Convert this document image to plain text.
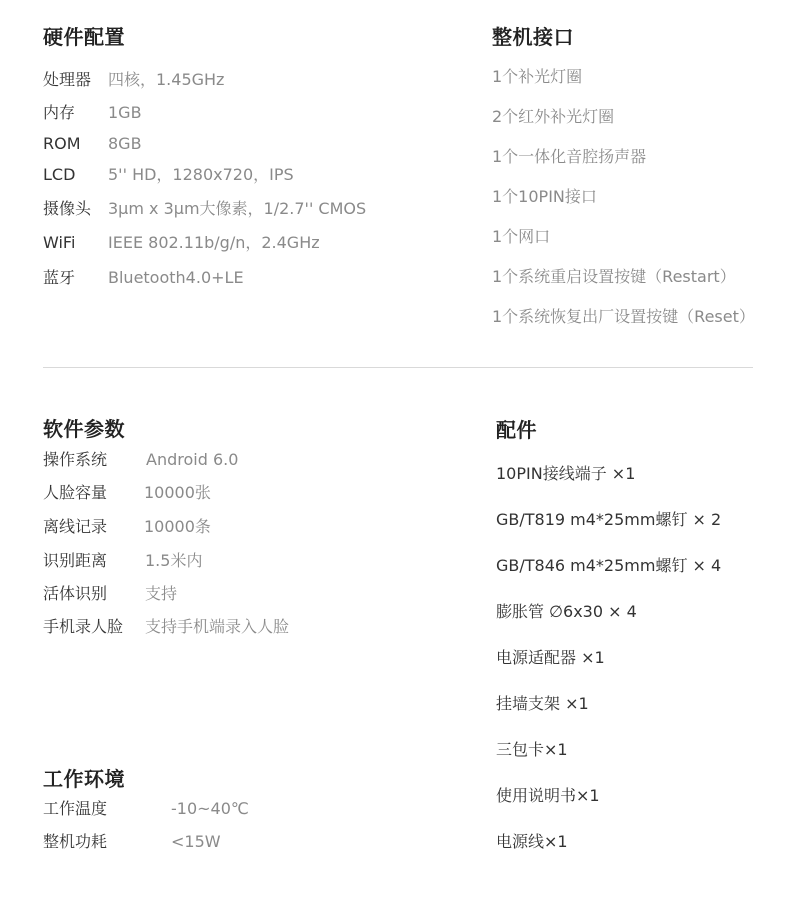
硬件配置
处理器 四核，1.45GHz
内存 1GB
ROM 8GB
LCD 5'' HD，1280x720，IPS
摄像头 3μm x 3μm大像素，1/2.7'' CMOS
WiFi IEEE 802.11b/g/n，2.4GHz
蓝牙 Bluetooth4.0+LE
整机接口
1个补光灯圈
2个红外补光灯圈
1个一体化音腔扬声器
1个10PIN接口
1个网口
1个系统重启设置按键（Restart）
1个系统恢复出厂设置按键（Reset）
软件参数
操作系统 Android 6.0
人脸容量 10000张
离线记录 10000条
识别距离 1.5米内
活体识别 支持
手机录人脸 支持手机端录入人脸
工作环境
工作温度	-10~40℃
整机功耗	<15W
配件
10PIN接线端子 ×1
GB/T819 m4*25mm螺钉 × 2
GB/T846 m4*25mm螺钉 × 4
膨胀管 ∅6x30 × 4
电源适配器 ×1
挂墙支架 ×1
三包卡×1
使用说明书×1
电源线×1
